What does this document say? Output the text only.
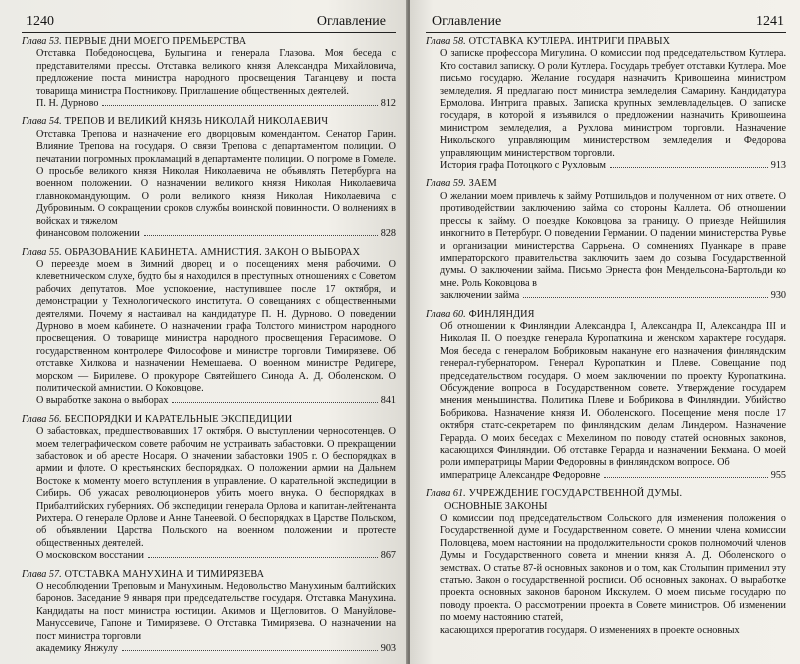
1240	Оглавление
Глава 53. ПЕРВЫЕ ДНИ МОЕГО ПРЕМЬЕРСТВА
Отставка Победоносцева, Булыгина и генерала Глазова. Моя беседа с представителями прессы. Отставка великого князя Александра Михайловича, предложение поста министра народного просвещения Таганцеву и поста товарища министра Постникову. Приглашение общественных деятелей.
П. Н. Дурново	812
Глава 54. ТРЕПОВ И ВЕЛИКИЙ КНЯЗЬ НИКОЛАЙ НИКОЛАЕВИЧ
Отставка Трепова и назначение его дворцовым комендантом. Сенатор Гарин. Влияние Трепова на государя. О связи Трепова с департаментом полиции. О печатании погромных прокламаций в департаменте полиции. О погроме в Гомеле. О просьбе великого князя Николая Николаевича не объявлять Петербурга на военном положении. О назначении великого князя Николая Николаевича главнокомандующим. О роли великого князя Николая Николаевича с Дубровиным. О сокращении сроков службы воинской повинности. О волнениях в войсках и тяжелом
финансовом положении	828
Глава 55. ОБРАЗОВАНИЕ КАБИНЕТА. АМНИСТИЯ. ЗАКОН О ВЫБОРАХ
О переезде моем в Зимний дворец и о посещениях меня рабочими. О клеветническом слухе, будто бы я находился в преступных отношениях с Советом рабочих депутатов. Мое успокоение, наступившее после 17 октября, и демонстрации у Технологического института. О совещаниях с общественными деятелями. Почему я настаивал на кандидатуре П. Н. Дурново. О поведении Дурново в моем кабинете. О назначении графа Толстого министром народного просвещения. О товарище министра народного просвещения Герасимове. О государственном контролере Философове и министре торговли Тимирязеве. Об отставке Хилкова и назначении Немешаева. О военном министре Редигере, морском — Бирилеве. О прокуроре Святейшего Синода А. Д. Оболенском. О политической амнистии. О Коковцове.
О выработке закона о выборах	841
Глава 56. БЕСПОРЯДКИ И КАРАТЕЛЬНЫЕ ЭКСПЕДИЦИИ
О забастовках, предшествовавших 17 октября. О выступлении черносотенцев. О моем телеграфическом совете рабочим не устраивать забастовки. О прекращении забастовок и об аресте Носаря. О значении забастовки 1905 г. О беспорядках в армии и флоте. О крестьянских беспорядках. О положении армии на Дальнем Востоке к моменту моего вступления в управление. О карательной экспедиции в Сибирь. Об ужасах революционеров убить моего внука. О беспорядках в Прибалтийских губерниях. Об экспедиции генерала Орлова и капитан-лейтенанта Рихтера. О генерале Орлове и Анне Танеевой. О беспорядках в Царстве Польском, об объявлении Царства Польского на военном положении и протесте общественных деятелей.
О московском восстании	867
Глава 57. ОТСТАВКА МАНУХИНА И ТИМИРЯЗЕВА
О несоблюдении Треповым и Манухиным. Недовольство Манухиным балтийских баронов. Заседание 9 января при председательстве государя. Отставка Манухина. Кандидаты на пост министра юстиции. Акимов и Щегловитов. О Мануйлове-Мануссевиче, Гапоне и Тимирязеве. О Отставка Тимирязева. О назначении на пост министра торговли
академику Янжулу	903
Оглавление	1241
Глава 58. ОТСТАВКА КУТЛЕРА. ИНТРИГИ ПРАВЫХ
О записке профессора Мигулина. О комиссии под председательством Кутлера. Кто составил записку. О роли Кутлера. Государь требует отставки Кутлера. Мое письмо государю. Желание государя назначить Кривошеина министром земледелия. Я предлагаю пост министра земледелия Самарину. Кандидатура Ермолова. Интрига правых. Записка крупных землевладельцев. О записке государя, в которой я изъявился о предложении назначить Кривошеина министром земледелия, а Рухлова министром торговли. Назначение Никольского управляющим министерством земледелия и Федорова управляющим министерством торговли.
История графа Потоцкого с Рухловым	913
Глава 59. ЗАЕМ
О желании моем привлечь к займу Ротшильдов и полученном от них ответе. О противодействии заключению займа со стороны Каллета. Об отношении прессы к займу. О поездке Коковцова за границу. О приезде Нейшилия инкогнито в Петербург. О поведении Германии. О падении министерства Рувье и организации министерства Саррьена. О сомнениях Пуанкаре в праве императорского правительства заключить заем до созыва Государственной думы. О заключении займа. Письмо Эрнеста фон Мендельсона-Бартольди ко мне. Роль Коковцова в
заключении займа	930
Глава 60. ФИНЛЯНДИЯ
Об отношении к Финляндии Александра I, Александра II, Александра III и Николая II. О поездке генерала Куропаткина и женском характере государя. Моя беседа с генералом Бобриковым накануне его назначения финляндским генерал-губернатором. Генерал Куропаткин и Плеве. Совещание под председательством государя. О моем заключении по проекту Куропаткина. Обсуждение вопроса в Государственном совете. Утверждение государем мнения меньшинства. Политика Плеве и Бобрикова в Финляндии. Убийство Бобрикова. Назначение князя И. Оболенского. Посещение меня после 17 октября статс-секретарем по финляндским делам Линдером. Назначение Герарда. О моих беседах с Мехелином по поводу статей основных законов, касающихся Финляндии. Об отставке Герарда и назначении Бекмана. О моей роли императрицы Марии Федоровны в финляндском вопросе. Об
императрице Александре Федоровне	955
Глава 61. УЧРЕЖДЕНИЕ ГОСУДАРСТВЕННОЙ ДУМЫ.
ОСНОВНЫЕ ЗАКОНЫ
О комиссии под председательством Сольского для изменения положения о Государственной думе и Государственном совете. О мнении члена комиссии Половцева, моем настоянии на продолжительности сроков полномочий членов Думы и Государственного совета и мнении князя А. Д. Оболенского о земствах. О статье 87-й основных законов и о том, как Столыпин применил эту статью. Закон о государственной росписи. Об основных законах. О выработке проекта основных законов бароном Икскулем. О моем письме государю по поводу проекта. О рассмотрении проекта в Совете министров. Об изменении по моему настоянию статей,
касающихся прерогатив государя. О изменениях в проекте основных
